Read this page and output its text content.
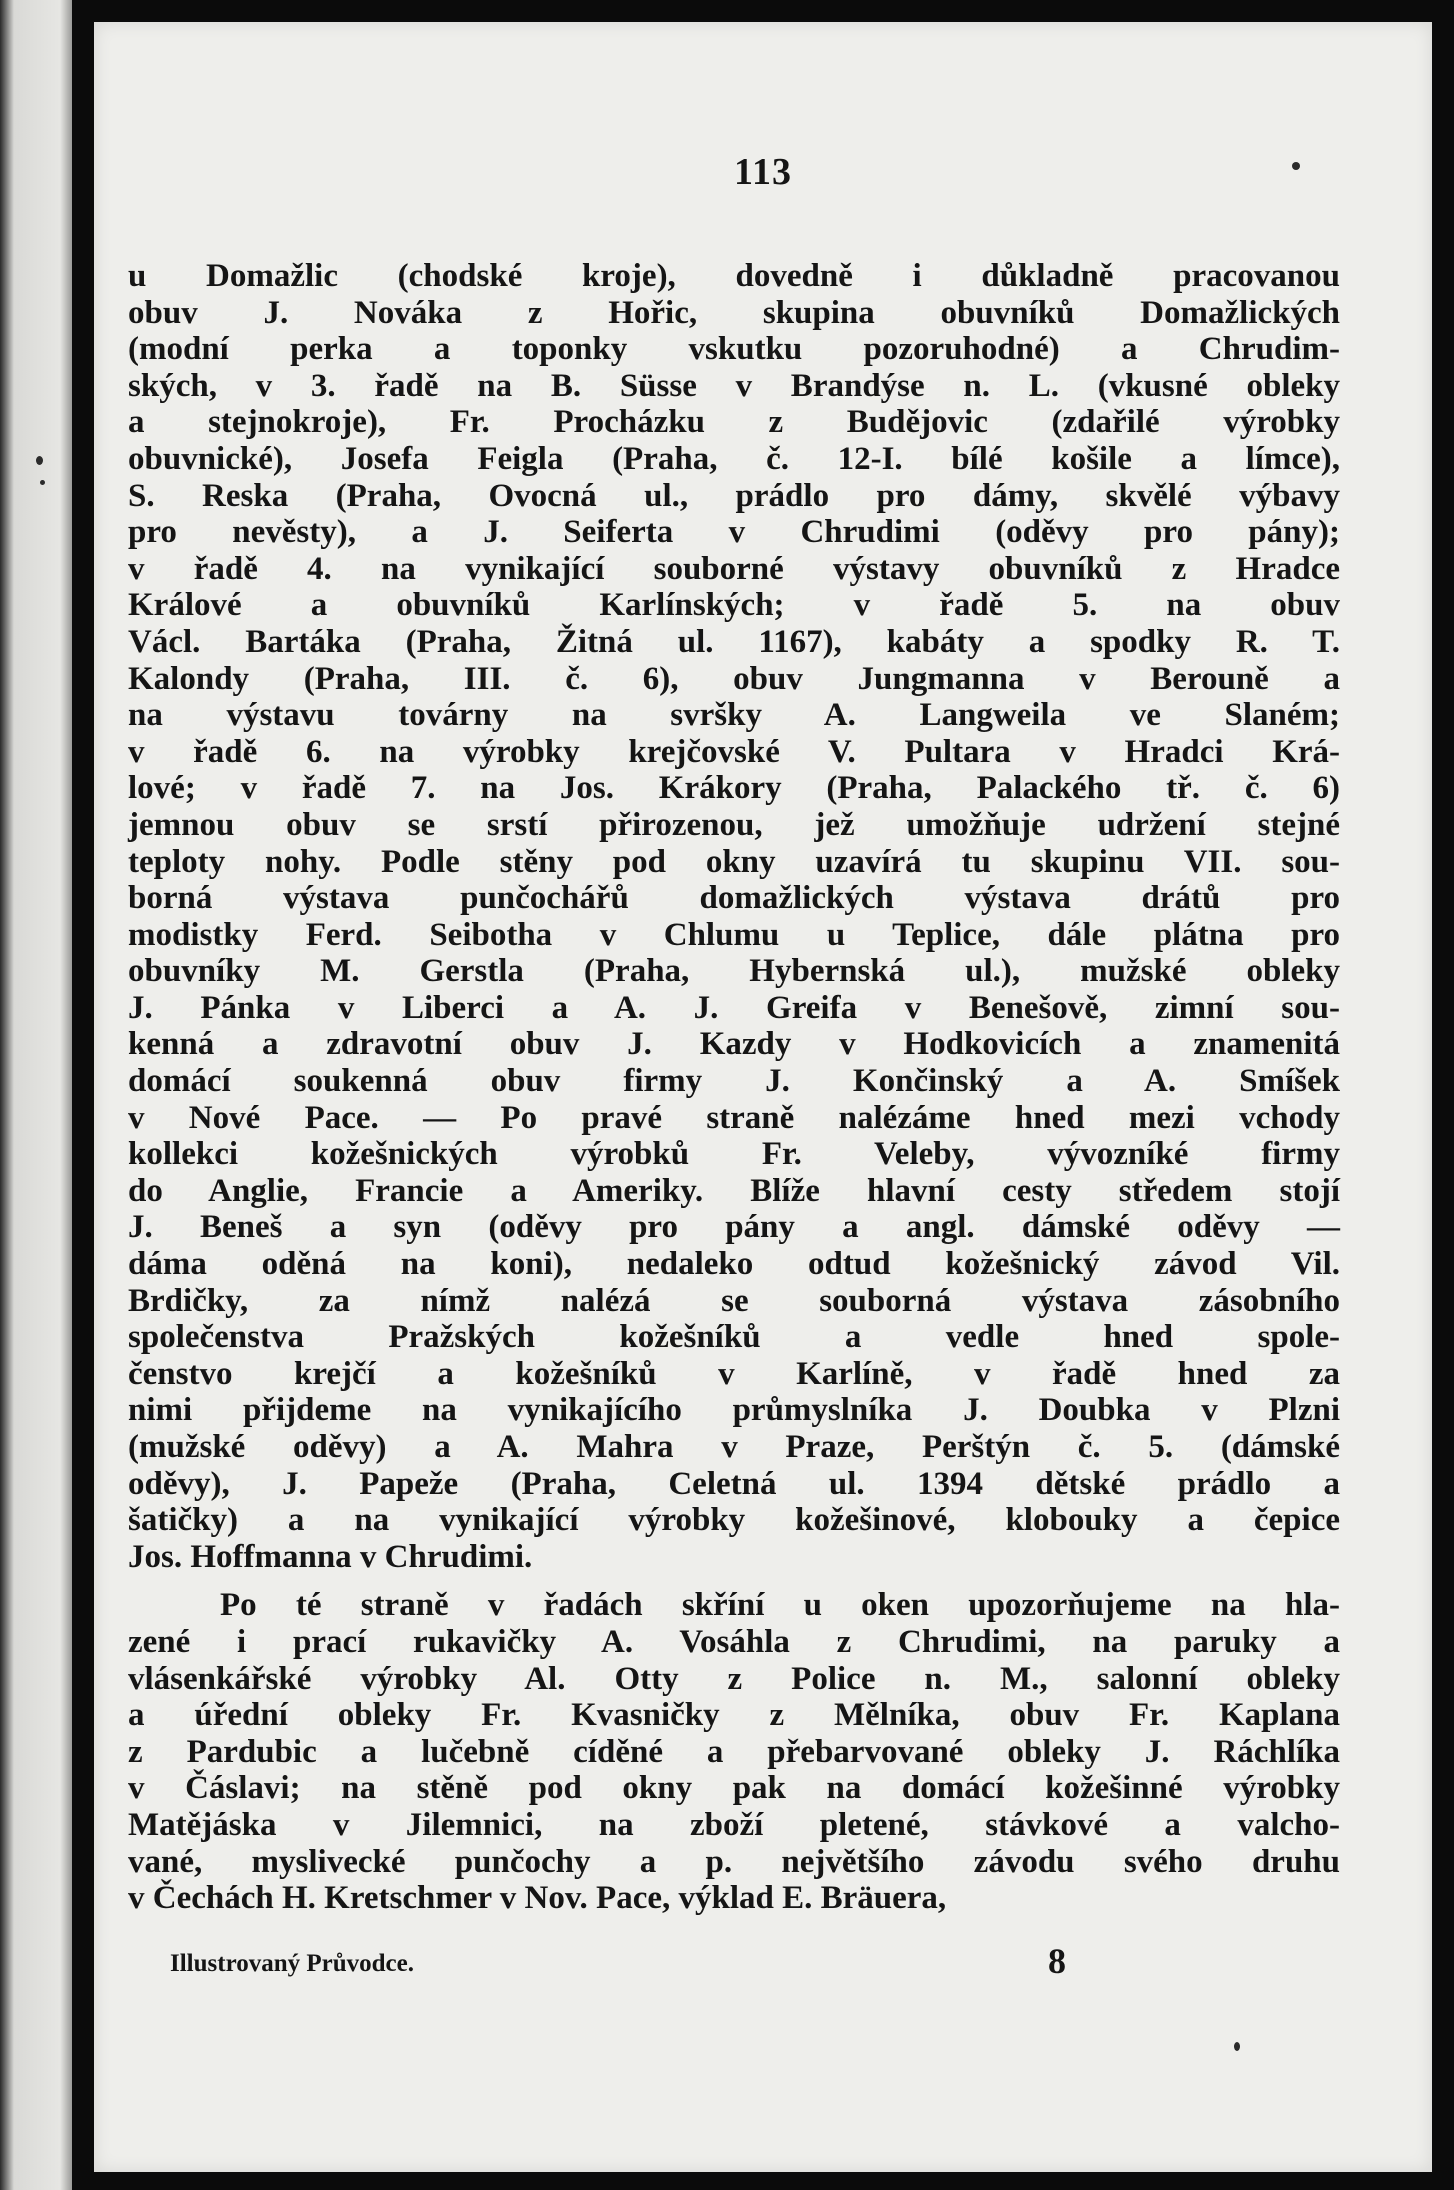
113
u Domažlic (chodské kroje), dovedně i důkladně pracovanou
obuv J. Nováka z Hořic, skupina obuvníků Domažlických
(modní perka a toponky vskutku pozoruhodné) a Chrudim-
ských, v 3. řadě na B. Süsse v Brandýse n. L. (vkusné obleky
a stejnokroje), Fr. Procházku z Budějovic (zdařilé výrobky
obuvnické), Josefa Feigla (Praha, č. 12-I. bílé košile a límce),
S. Reska (Praha, Ovocná ul., prádlo pro dámy, skvělé výbavy
pro nevěsty), a J. Seiferta v Chrudimi (oděvy pro pány);
v řadě 4. na vynikající souborné výstavy obuvníků z Hradce
Králové a obuvníků Karlínských; v řadě 5. na obuv
Václ. Bartáka (Praha, Žitná ul. 1167), kabáty a spodky R. T.
Kalondy (Praha, III. č. 6), obuv Jungmanna v Berouně a
na výstavu továrny na svršky A. Langweila ve Slaném;
v řadě 6. na výrobky krejčovské V. Pultara v Hradci Krá-
lové; v řadě 7. na Jos. Krákory (Praha, Palackého tř. č. 6)
jemnou obuv se srstí přirozenou, jež umožňuje udržení stejné
teploty nohy. Podle stěny pod okny uzavírá tu skupinu VII. sou-
borná výstava punčochářů domažlických výstava drátů pro
modistky Ferd. Seibotha v Chlumu u Teplice, dále plátna pro
obuvníky M. Gerstla (Praha, Hybernská ul.), mužské obleky
J. Pánka v Liberci a A. J. Greifa v Benešově, zimní sou-
kenná a zdravotní obuv J. Kazdy v Hodkovicích a znamenitá
domácí soukenná obuv firmy J. Končinský a A. Smíšek
v Nové Pace. — Po pravé straně nalézáme hned mezi vchody
kollekci kožešnických výrobků Fr. Veleby, vývozníké firmy
do Anglie, Francie a Ameriky. Blíže hlavní cesty středem stojí
J. Beneš a syn (oděvy pro pány a angl. dámské oděvy —
dáma oděná na koni), nedaleko odtud kožešnický závod Vil.
Brdičky, za nímž nalézá se souborná výstava zásobního
společenstva Pražských kožešníků a vedle hned spole-
čenstvo krejčí a kožešníků v Karlíně, v řadě hned za
nimi přijdeme na vynikajícího průmyslníka J. Doubka v Plzni
(mužské oděvy) a A. Mahra v Praze, Perštýn č. 5. (dámské
oděvy), J. Papeže (Praha, Celetná ul. 1394 dětské prádlo a
šatičky) a na vynikající výrobky kožešinové, klobouky a čepice
Jos. Hoffmanna v Chrudimi.
Po té straně v řadách skříní u oken upozorňujeme na hla-
zené i prací rukavičky A. Vosáhla z Chrudimi, na paruky a
vlásenkářské výrobky Al. Otty z Police n. M., salonní obleky
a úřední obleky Fr. Kvasničky z Mělníka, obuv Fr. Kaplana
z Pardubic a lučebně cíděné a přebarvované obleky J. Ráchlíka
v Čáslavi; na stěně pod okny pak na domácí kožešinné výrobky
Matějáska v Jilemnici, na zboží pletené, stávkové a valcho-
vané, myslivecké punčochy a p. největšího závodu svého druhu
v Čechách H. Kretschmer v Nov. Pace, výklad E. Bräuera,
Illustrovaný Průvodce.	8
